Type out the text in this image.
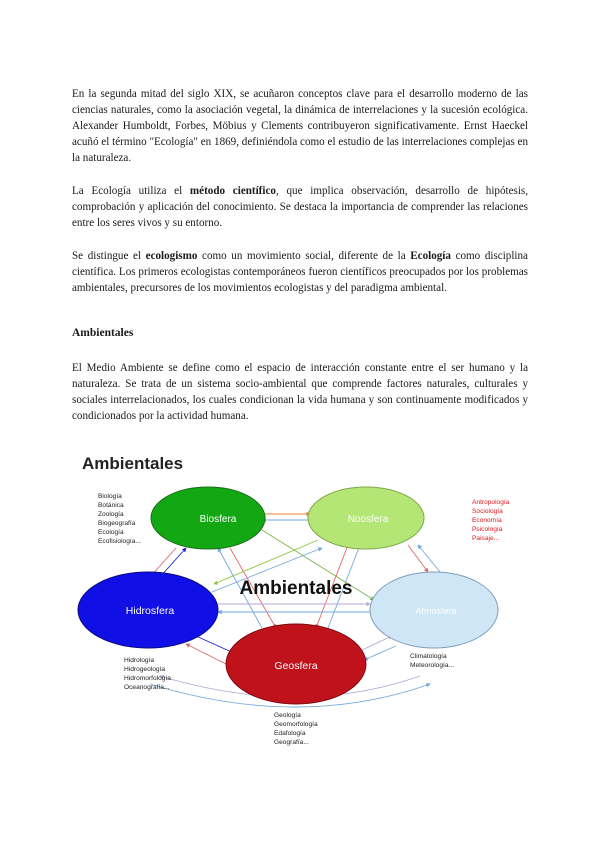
En la segunda mitad del siglo XIX, se acuñaron conceptos clave para el desarrollo moderno de las ciencias naturales, como la asociación vegetal, la dinámica de interrelaciones y la sucesión ecológica. Alexander Humboldt, Forbes, Möbius y Clements contribuyeron significativamente. Ernst Haeckel acuñó el término "Ecología" en 1869, definiéndola como el estudio de las interrelaciones complejas en la naturaleza.

La Ecología utiliza el método científico, que implica observación, desarrollo de hipótesis, comprobación y aplicación del conocimiento. Se destaca la importancia de comprender las relaciones entre los seres vivos y su entorno.

Se distingue el ecologismo como un movimiento social, diferente de la Ecología como disciplina científica. Los primeros ecologistas contemporáneos fueron científicos preocupados por los problemas ambientales, precursores de los movimientos ecologistas y del paradigma ambiental.

Ambientales

El Medio Ambiente se define como el espacio de interacción constante entre el ser humano y la naturaleza. Se trata de un sistema socio-ambiental que comprende factores naturales, culturales y sociales interrelacionados, los cuales condicionan la vida humana y son continuamente modificados y condicionados por la actividad humana.

Ambientales
Biosfera	Noosfera
Hidrosfera	Atmósfera
Geosfera
Ambientales
Biología
Botánica
Zoología
Biogeografía
Ecología
Ecofisiología...
Antropología
Sociología
Economía
Psicología
Paisaje...
Hidrología
Hidrogeología
Hidromorfología
Oceanografía...
Climatología
Meteorología...
Geología
Geomorfología
Edafología
Geografía...
